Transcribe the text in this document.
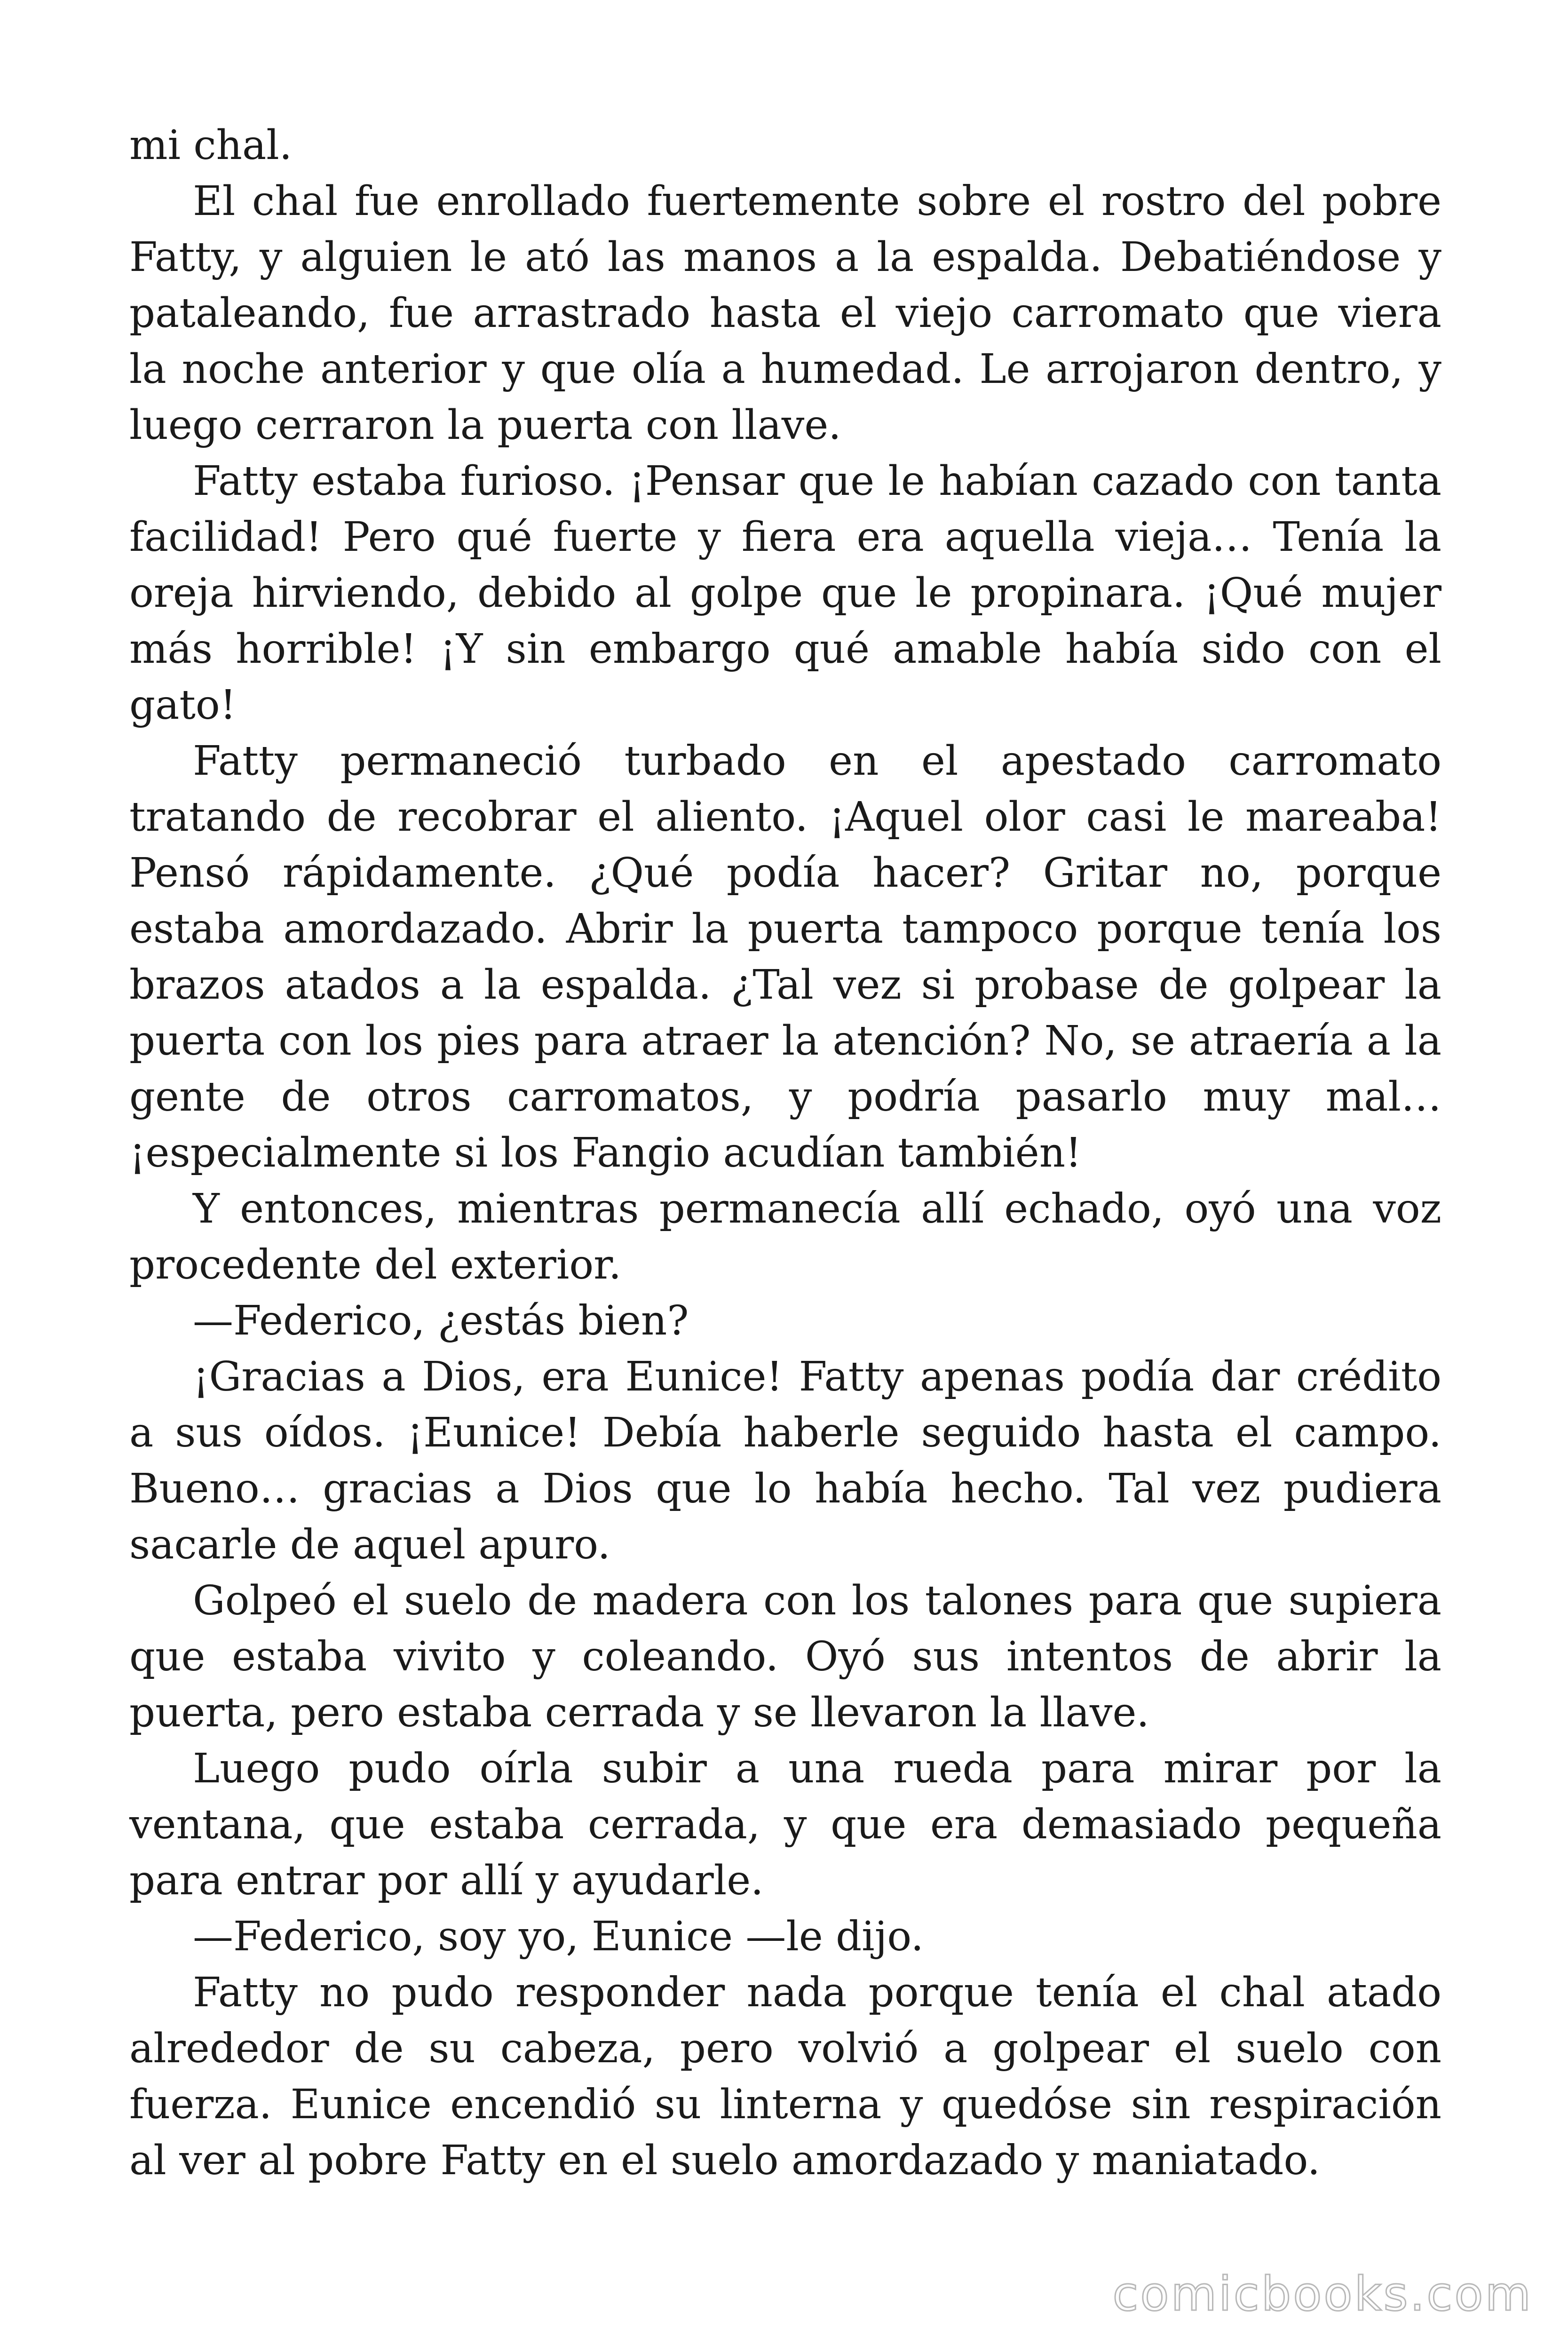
mi chal.

El chal fue enrollado fuertemente sobre el rostro del pobre Fatty, y alguien le ató las manos a la espalda. Debatiéndose y pataleando, fue arrastrado hasta el viejo carromato que viera la noche anterior y que olía a humedad. Le arrojaron dentro, y luego cerraron la puerta con llave.

Fatty estaba furioso. ¡Pensar que le habían cazado con tanta facilidad! Pero qué fuerte y fiera era aquella vieja… Tenía la oreja hirviendo, debido al golpe que le propinara. ¡Qué mujer más horrible! ¡Y sin embargo qué amable había sido con el gato!

Fatty permaneció turbado en el apestado carromato tratando de recobrar el aliento. ¡Aquel olor casi le mareaba! Pensó rápidamente. ¿Qué podía hacer? Gritar no, porque estaba amordazado. Abrir la puerta tampoco porque tenía los brazos atados a la espalda. ¿Tal vez si probase de golpear la puerta con los pies para atraer la atención? No, se atraería a la gente de otros carromatos, y podría pasarlo muy mal… ¡especialmente si los Fangio acudían también!

Y entonces, mientras permanecía allí echado, oyó una voz procedente del exterior.

—Federico, ¿estás bien?

¡Gracias a Dios, era Eunice! Fatty apenas podía dar crédito a sus oídos. ¡Eunice! Debía haberle seguido hasta el campo. Bueno… gracias a Dios que lo había hecho. Tal vez pudiera sacarle de aquel apuro.

Golpeó el suelo de madera con los talones para que supiera que estaba vivito y coleando. Oyó sus intentos de abrir la puerta, pero estaba cerrada y se llevaron la llave.

Luego pudo oírla subir a una rueda para mirar por la ventana, que estaba cerrada, y que era demasiado pequeña para entrar por allí y ayudarle.

—Federico, soy yo, Eunice —le dijo.

Fatty no pudo responder nada porque tenía el chal atado alrededor de su cabeza, pero volvió a golpear el suelo con fuerza. Eunice encendió su linterna y quedóse sin respiración al ver al pobre Fatty en el suelo amordazado y maniatado.

comicbooks.com
